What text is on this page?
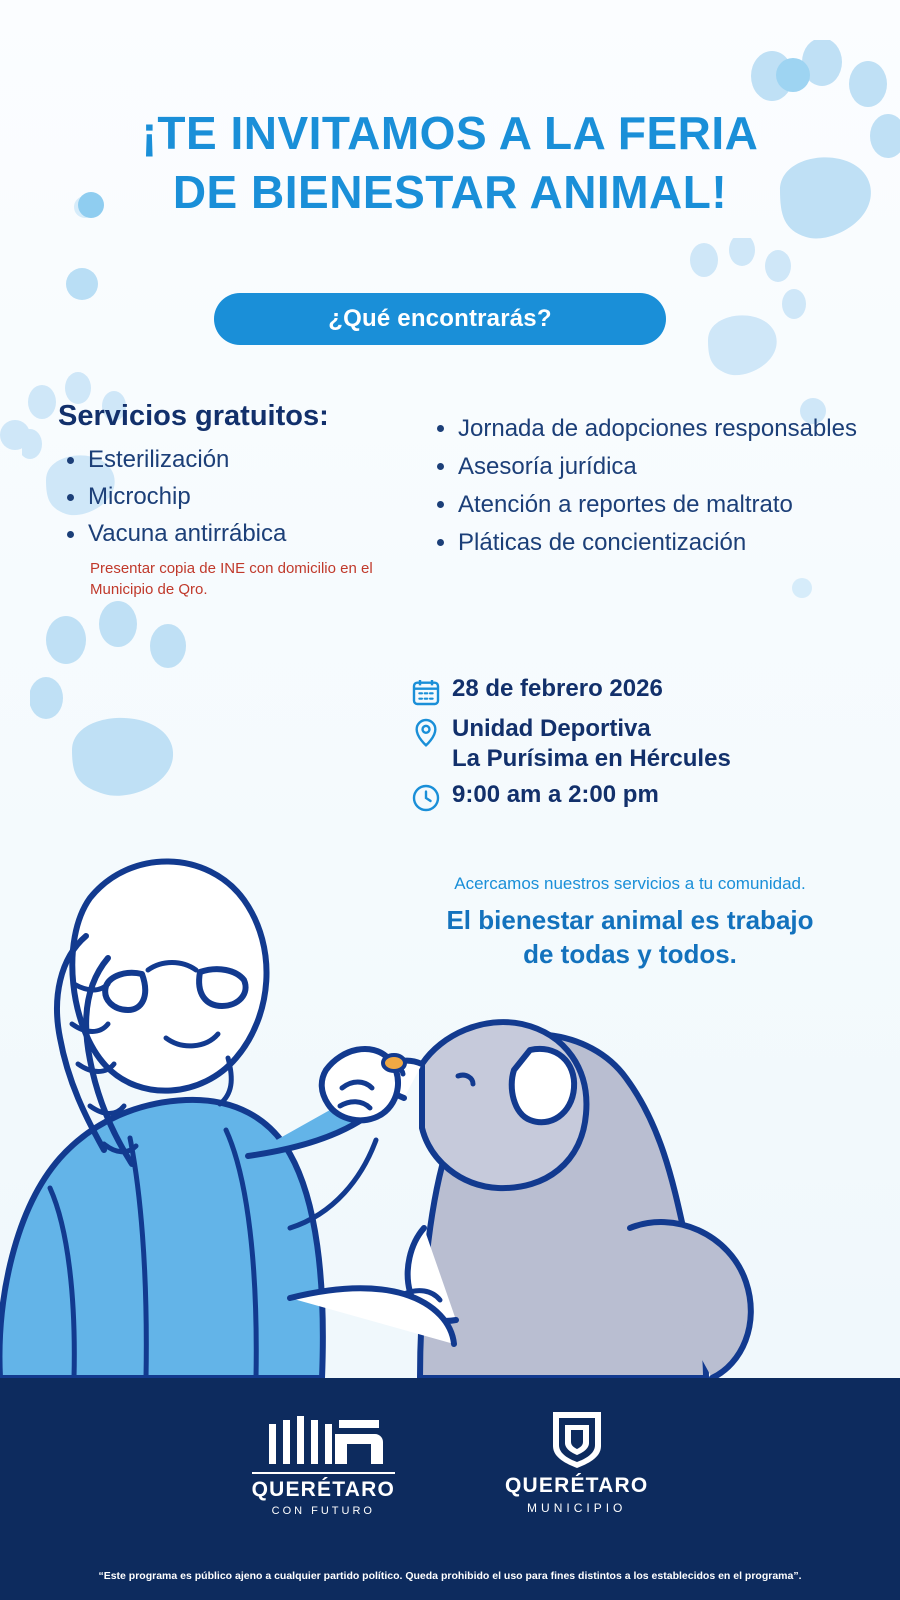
¡TE INVITAMOS A LA FERIA
DE BIENESTAR ANIMAL!
¿Qué encontrarás?
Servicios gratuitos:
Esterilización
Microchip
Vacuna antirrábica
Presentar copia de INE con domicilio en el Municipio de Qro.
Jornada de adopciones responsables
Asesoría jurídica
Atención a reportes de maltrato
Pláticas de concientización
28 de febrero 2026
Unidad Deportiva
La Purísima en Hércules
9:00 am a 2:00 pm
Acercamos nuestros servicios a tu comunidad.
El bienestar animal es trabajo
de todas y todos.
QUERÉTARO
CON FUTURO
QUERÉTARO
MUNICIPIO
“Este programa es público ajeno a cualquier partido político. Queda prohibido el uso para fines distintos a los establecidos en el programa”.
